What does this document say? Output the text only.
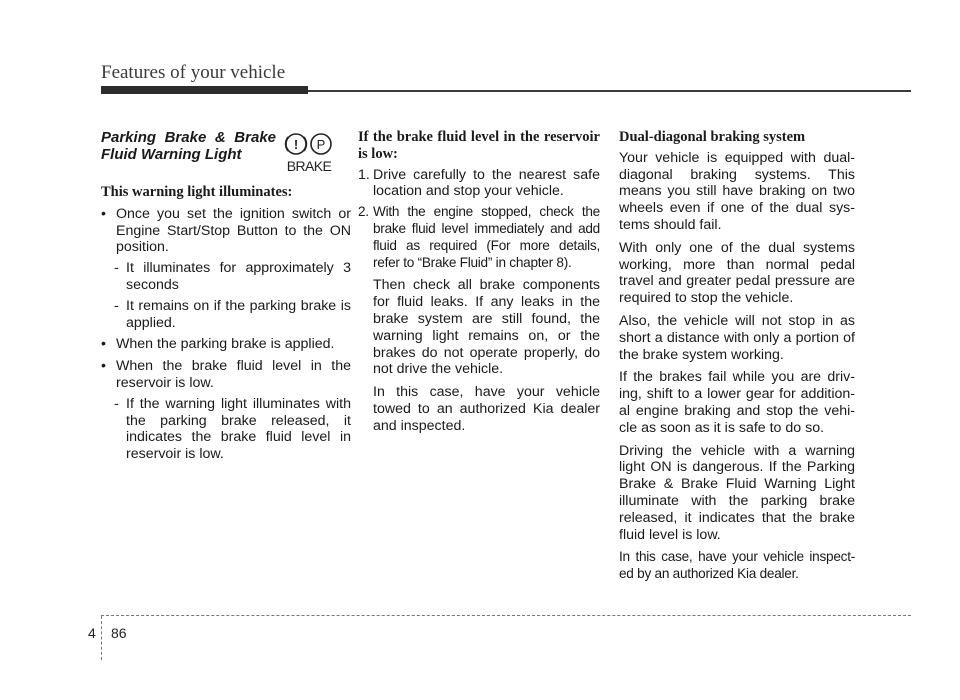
Features of your vehicle
! P
BRAKE
Parking Brake & Brake Fluid Warning Light

This warning light illuminates:

• Once you set the ignition switch or Engine Start/Stop Button to the ON position.
- It illuminates for approximately 3 seconds
- It remains on if the parking brake is applied.
• When the parking brake is applied.
• When the brake fluid level in the reservoir is low.
- If the warning light illuminates with the parking brake released, it indicates the brake fluid level in reservoir is low.

If the brake fluid level in the reservoir is low:

1. Drive carefully to the nearest safe location and stop your vehicle.
2. With the engine stopped, check the brake fluid level immediately and add fluid as required (For more details, refer to “Brake Fluid” in chapter 8).

Then check all brake components for fluid leaks. If any leaks in the brake system are still found, the warning light remains on, or the brakes do not operate properly, do not drive the vehicle.

In this case, have your vehicle towed to an authorized Kia dealer and inspected.

Dual-diagonal braking system

Your vehicle is equipped with dual-diagonal braking systems. This means you still have braking on two wheels even if one of the dual sys-tems should fail.

With only one of the dual systems working, more than normal pedal travel and greater pedal pressure are required to stop the vehicle.

Also, the vehicle will not stop in as short a distance with only a portion of the brake system working.

If the brakes fail while you are driv-ing, shift to a lower gear for addition-al engine braking and stop the vehi-cle as soon as it is safe to do so.

Driving the vehicle with a warning light ON is dangerous. If the Parking Brake & Brake Fluid Warning Light illuminate with the parking brake released, it indicates that the brake fluid level is low.

In this case, have your vehicle inspect-ed by an authorized Kia dealer.

4 86
